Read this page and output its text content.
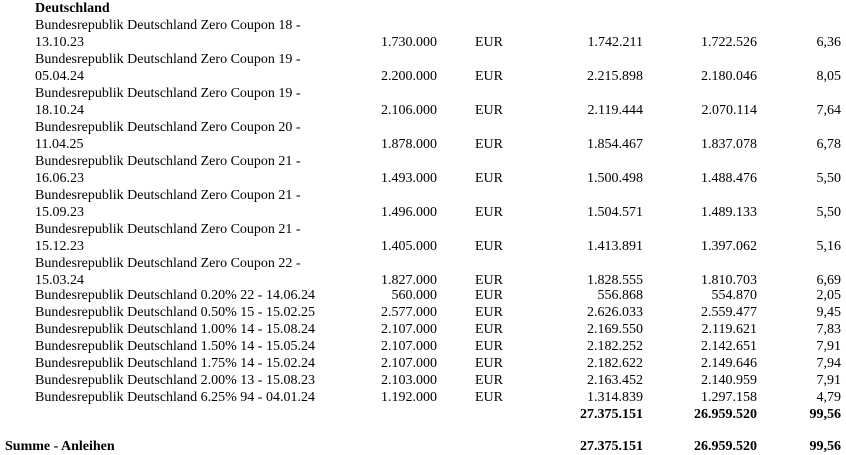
Deutschland
Bundesrepublik Deutschland Zero Coupon 18 -
13.10.23	1.730.000	EUR	1.742.211	1.722.526	6,36
Bundesrepublik Deutschland Zero Coupon 19 -
05.04.24	2.200.000	EUR	2.215.898	2.180.046	8,05
Bundesrepublik Deutschland Zero Coupon 19 -
18.10.24	2.106.000	EUR	2.119.444	2.070.114	7,64
Bundesrepublik Deutschland Zero Coupon 20 -
11.04.25	1.878.000	EUR	1.854.467	1.837.078	6,78
Bundesrepublik Deutschland Zero Coupon 21 -
16.06.23	1.493.000	EUR	1.500.498	1.488.476	5,50
Bundesrepublik Deutschland Zero Coupon 21 -
15.09.23	1.496.000	EUR	1.504.571	1.489.133	5,50
Bundesrepublik Deutschland Zero Coupon 21 -
15.12.23	1.405.000	EUR	1.413.891	1.397.062	5,16
Bundesrepublik Deutschland Zero Coupon 22 -
15.03.24	1.827.000	EUR	1.828.555	1.810.703	6,69
Bundesrepublik Deutschland 0.20% 22 - 14.06.24	560.000	EUR	556.868	554.870	2,05
Bundesrepublik Deutschland 0.50% 15 - 15.02.25	2.577.000	EUR	2.626.033	2.559.477	9,45
Bundesrepublik Deutschland 1.00% 14 - 15.08.24	2.107.000	EUR	2.169.550	2.119.621	7,83
Bundesrepublik Deutschland 1.50% 14 - 15.05.24	2.107.000	EUR	2.182.252	2.142.651	7,91
Bundesrepublik Deutschland 1.75% 14 - 15.02.24	2.107.000	EUR	2.182.622	2.149.646	7,94
Bundesrepublik Deutschland 2.00% 13 - 15.08.23	2.103.000	EUR	2.163.452	2.140.959	7,91
Bundesrepublik Deutschland 6.25% 94 - 04.01.24	1.192.000	EUR	1.314.839	1.297.158	4,79
27.375.151	26.959.520	99,56
Summe - Anleihen	27.375.151	26.959.520	99,56
